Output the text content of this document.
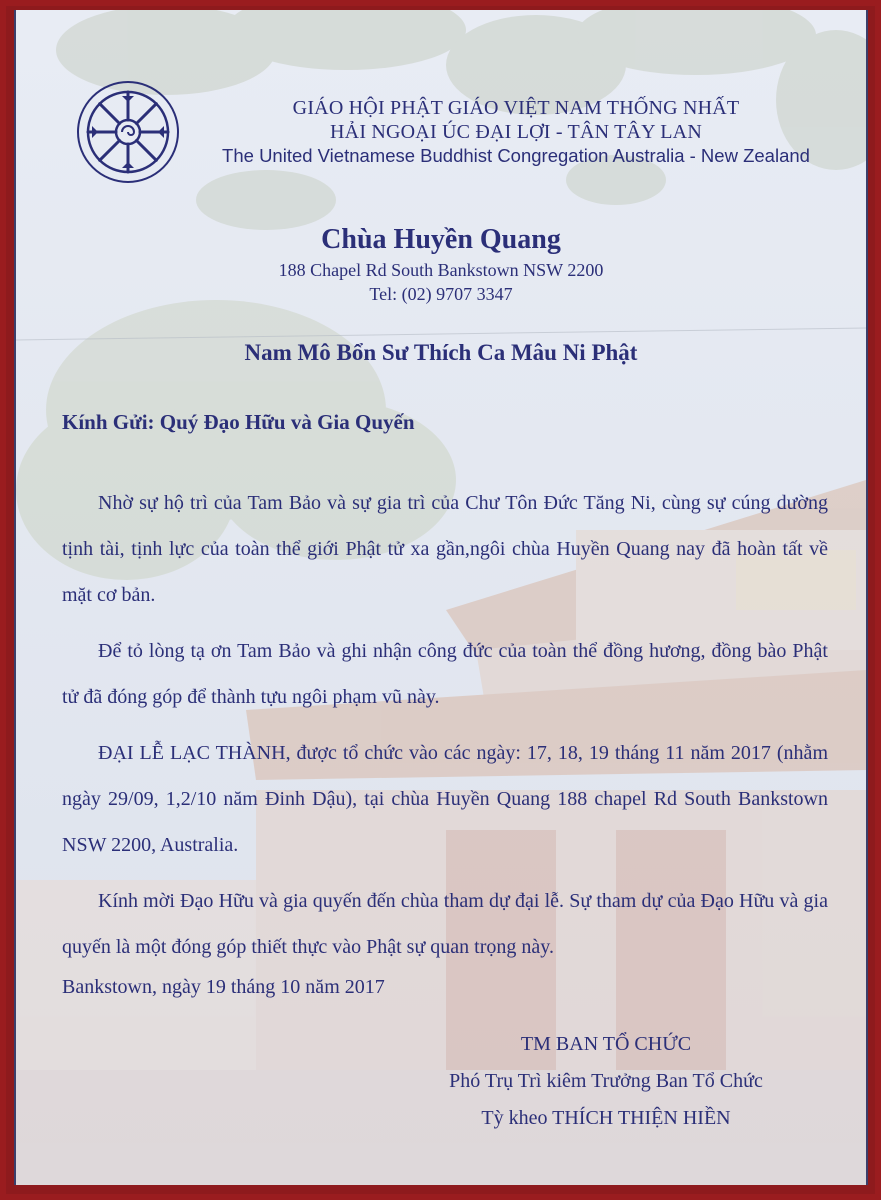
GIÁO HỘI PHẬT GIÁO VIỆT NAM THỐNG NHẤT
HẢI NGOẠI ÚC ĐẠI LỢI - TÂN TÂY LAN
The United Vietnamese Buddhist Congregation Australia - New Zealand
Chùa Huyền Quang
188 Chapel Rd South Bankstown NSW 2200
Tel: (02) 9707 3347
Nam Mô Bổn Sư Thích Ca Mâu Ni Phật
Kính Gửi: Quý Đạo Hữu và Gia Quyến

Nhờ sự hộ trì của Tam Bảo và sự gia trì của Chư Tôn Đức Tăng Ni, cùng sự cúng dường tịnh tài, tịnh lực của toàn thể giới Phật tử xa gần,ngôi chùa Huyền Quang nay đã hoàn tất về mặt cơ bản.

Để tỏ lòng tạ ơn Tam Bảo và ghi nhận công đức của toàn thể đồng hương, đồng bào Phật tử đã đóng góp để thành tựu ngôi phạm vũ này.

ĐẠI LỄ LẠC THÀNH, được tổ chức vào các ngày: 17, 18, 19 tháng 11 năm 2017 (nhằm ngày 29/09, 1,2/10 năm Đinh Dậu), tại chùa Huyền Quang 188 chapel Rd South Bankstown NSW 2200, Australia.

Kính mời Đạo Hữu và gia quyến đến chùa tham dự đại lễ. Sự tham dự của Đạo Hữu và gia quyến là một đóng góp thiết thực vào Phật sự quan trọng này.

Bankstown, ngày 19 tháng 10 năm 2017
TM BAN TỔ CHỨC
Phó Trụ Trì kiêm Trưởng Ban Tổ Chức
Tỳ kheo THÍCH THIỆN HIỀN
